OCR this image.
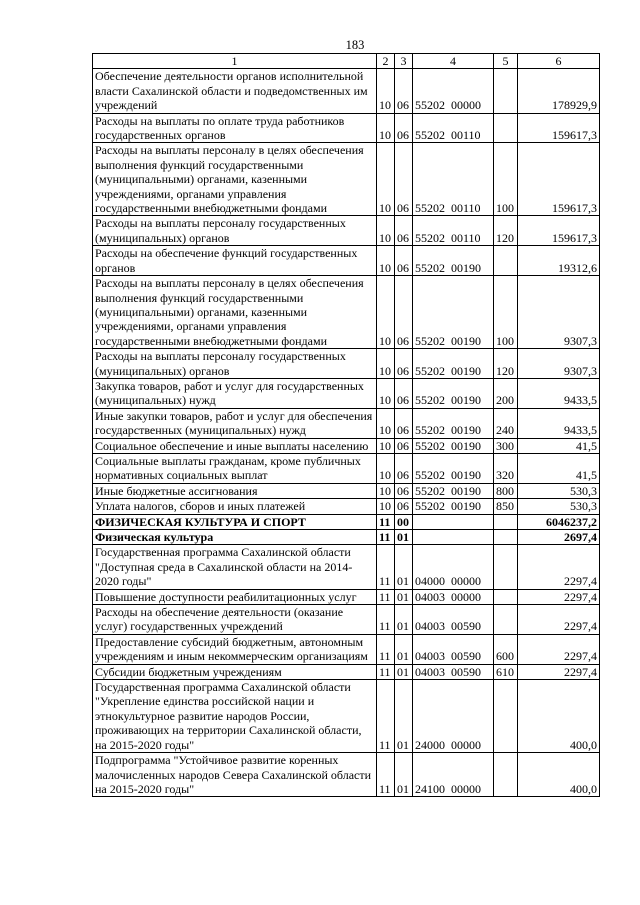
183
1	2	3	4	5	6
Обеспечение деятельности органов исполнительной власти Сахалинской области и подведомственных им учреждений	10	06	55202 00000		178929,9
Расходы на выплаты по оплате труда работников государственных органов	10	06	55202 00110		159617,3
Расходы на выплаты персоналу в целях обеспечения выполнения функций государственными (муниципальными) органами, казенными учреждениями, органами управления государственными внебюджетными фондами	10	06	55202 00110	100	159617,3
Расходы на выплаты персоналу государственных (муниципальных) органов	10	06	55202 00110	120	159617,3
Расходы на обеспечение функций государственных органов	10	06	55202 00190		19312,6
Расходы на выплаты персоналу в целях обеспечения выполнения функций государственными (муниципальными) органами, казенными учреждениями, органами управления государственными внебюджетными фондами	10	06	55202 00190	100	9307,3
Расходы на выплаты персоналу государственных (муниципальных) органов	10	06	55202 00190	120	9307,3
Закупка товаров, работ и услуг для государственных (муниципальных) нужд	10	06	55202 00190	200	9433,5
Иные закупки товаров, работ и услуг для обеспечения государственных (муниципальных) нужд	10	06	55202 00190	240	9433,5
Социальное обеспечение и иные выплаты населению	10	06	55202 00190	300	41,5
Социальные выплаты гражданам, кроме публичных нормативных социальных выплат	10	06	55202 00190	320	41,5
Иные бюджетные ассигнования	10	06	55202 00190	800	530,3
Уплата налогов, сборов и иных платежей	10	06	55202 00190	850	530,3
ФИЗИЧЕСКАЯ КУЛЬТУРА И СПОРТ	11	00			6046237,2
Физическая культура	11	01			2697,4
Государственная программа Сахалинской области "Доступная среда в Сахалинской области на 2014-2020 годы"	11	01	04000 00000		2297,4
Повышение доступности реабилитационных услуг	11	01	04003 00000		2297,4
Расходы на обеспечение деятельности (оказание услуг) государственных учреждений	11	01	04003 00590		2297,4
Предоставление субсидий бюджетным, автономным учреждениям и иным некоммерческим организациям	11	01	04003 00590	600	2297,4
Субсидии бюджетным учреждениям	11	01	04003 00590	610	2297,4
Государственная программа Сахалинской области "Укрепление единства российской нации и этнокультурное развитие народов России, проживающих на территории Сахалинской области, на 2015-2020 годы"	11	01	24000 00000		400,0
Подпрограмма "Устойчивое развитие коренных малочисленных народов Севера Сахалинской области на 2015-2020 годы"	11	01	24100 00000		400,0
